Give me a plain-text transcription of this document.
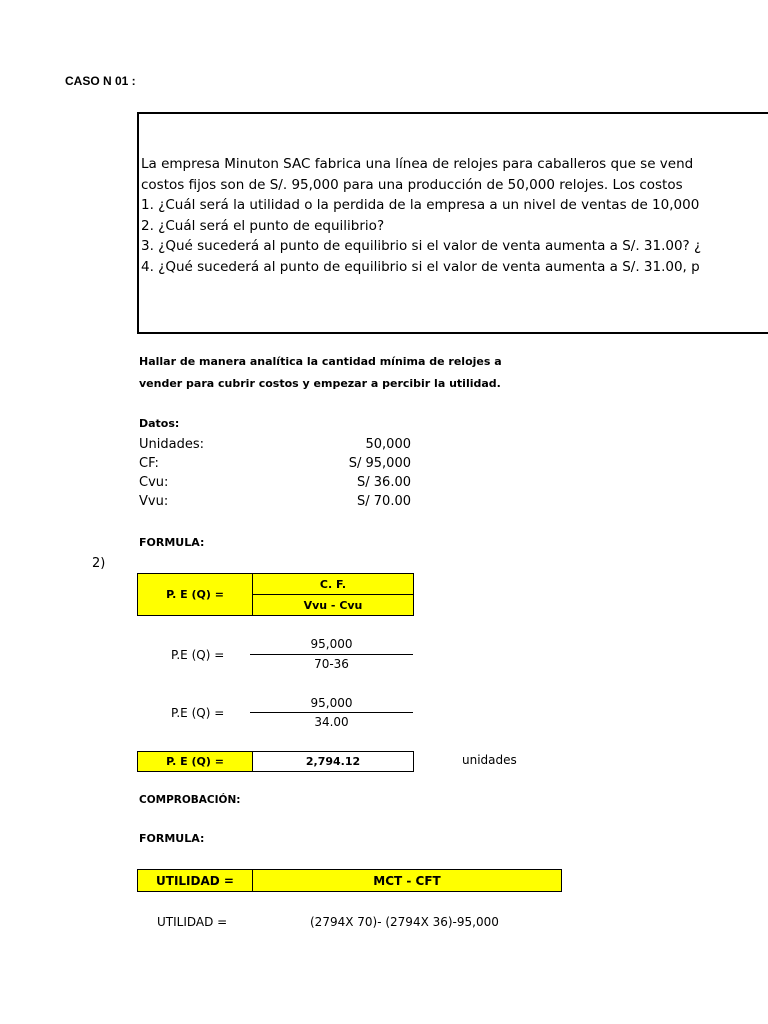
CASO N 01 :
La empresa Minuton SAC fabrica una línea de relojes para caballeros que se vend
costos fijos son de S/. 95,000 para una producción de 50,000 relojes. Los costos
1. ¿Cuál será la utilidad o la perdida de la empresa a un nivel de ventas de 10,000
2. ¿Cuál será el punto de equilibrio?
3. ¿Qué sucederá al punto de equilibrio si el valor de venta aumenta a S/. 31.00? ¿
4. ¿Qué sucederá al punto de equilibrio si el valor de venta aumenta a S/. 31.00, p
Hallar de manera analítica la cantidad mínima de relojes a
vender para cubrir costos y empezar a percibir la utilidad.
Datos:
Unidades:	50,000
CF:	S/ 95,000
Cvu:	S/ 36.00
Vvu:	S/ 70.00
FORMULA:
2)
P. E (Q) =
C. F.
Vvu - Cvu
P.E (Q) =
95,000
70-36
P.E (Q) =
95,000
34.00
P. E (Q) =	2,794.12	unidades
COMPROBACIÓN:
FORMULA:
UTILIDAD =	MCT - CFT
UTILIDAD =	(2794X 70)- (2794X 36)-95,000
